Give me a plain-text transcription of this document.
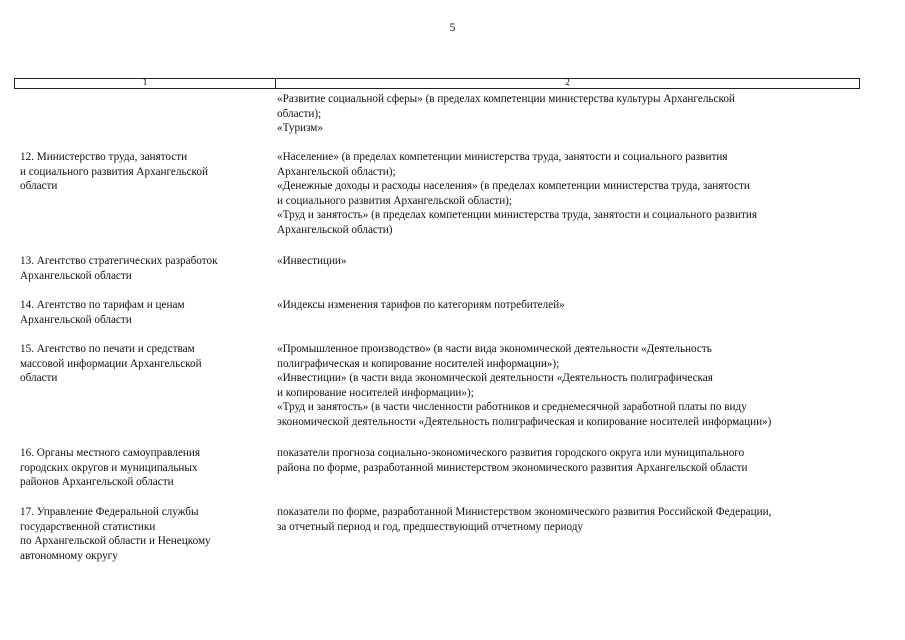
5
1	2
«Развитие социальной сферы» (в пределах компетенции министерства культуры Архангельской
области);
«Туризм»
12. Министерство труда, занятости
и социального развития Архангельской
области
«Население» (в пределах компетенции министерства труда, занятости и социального развития
Архангельской области);
«Денежные доходы и расходы населения» (в пределах компетенции министерства труда, занятости
и социального развития Архангельской области);
«Труд и занятость» (в пределах компетенции министерства труда, занятости и социального развития
Архангельской области)
13. Агентство стратегических разработок
Архангельской области
«Инвестиции»
14. Агентство по тарифам и ценам
Архангельской области
«Индексы изменения тарифов по категориям потребителей»
15. Агентство по печати и средствам
массовой информации Архангельской
области
«Промышленное производство» (в части вида экономической деятельности «Деятельность
полиграфическая и копирование носителей информации»);
«Инвестиции» (в части вида экономической деятельности «Деятельность полиграфическая
и копирование носителей информации»);
«Труд и занятость» (в части численности работников и среднемесячной заработной платы по виду
экономической деятельности «Деятельность полиграфическая и копирование носителей информации»)
16. Органы местного самоуправления
городских округов и муниципальных
районов Архангельской области
показатели прогноза социально-экономического развития городского округа или муниципального
района по форме, разработанной министерством экономического развития Архангельской области
17. Управление Федеральной службы
государственной статистики
по Архангельской области и Ненецкому
автономному округу
показатели по форме, разработанной Министерством экономического развития Российской Федерации,
за отчетный период и год, предшествующий отчетному периоду
